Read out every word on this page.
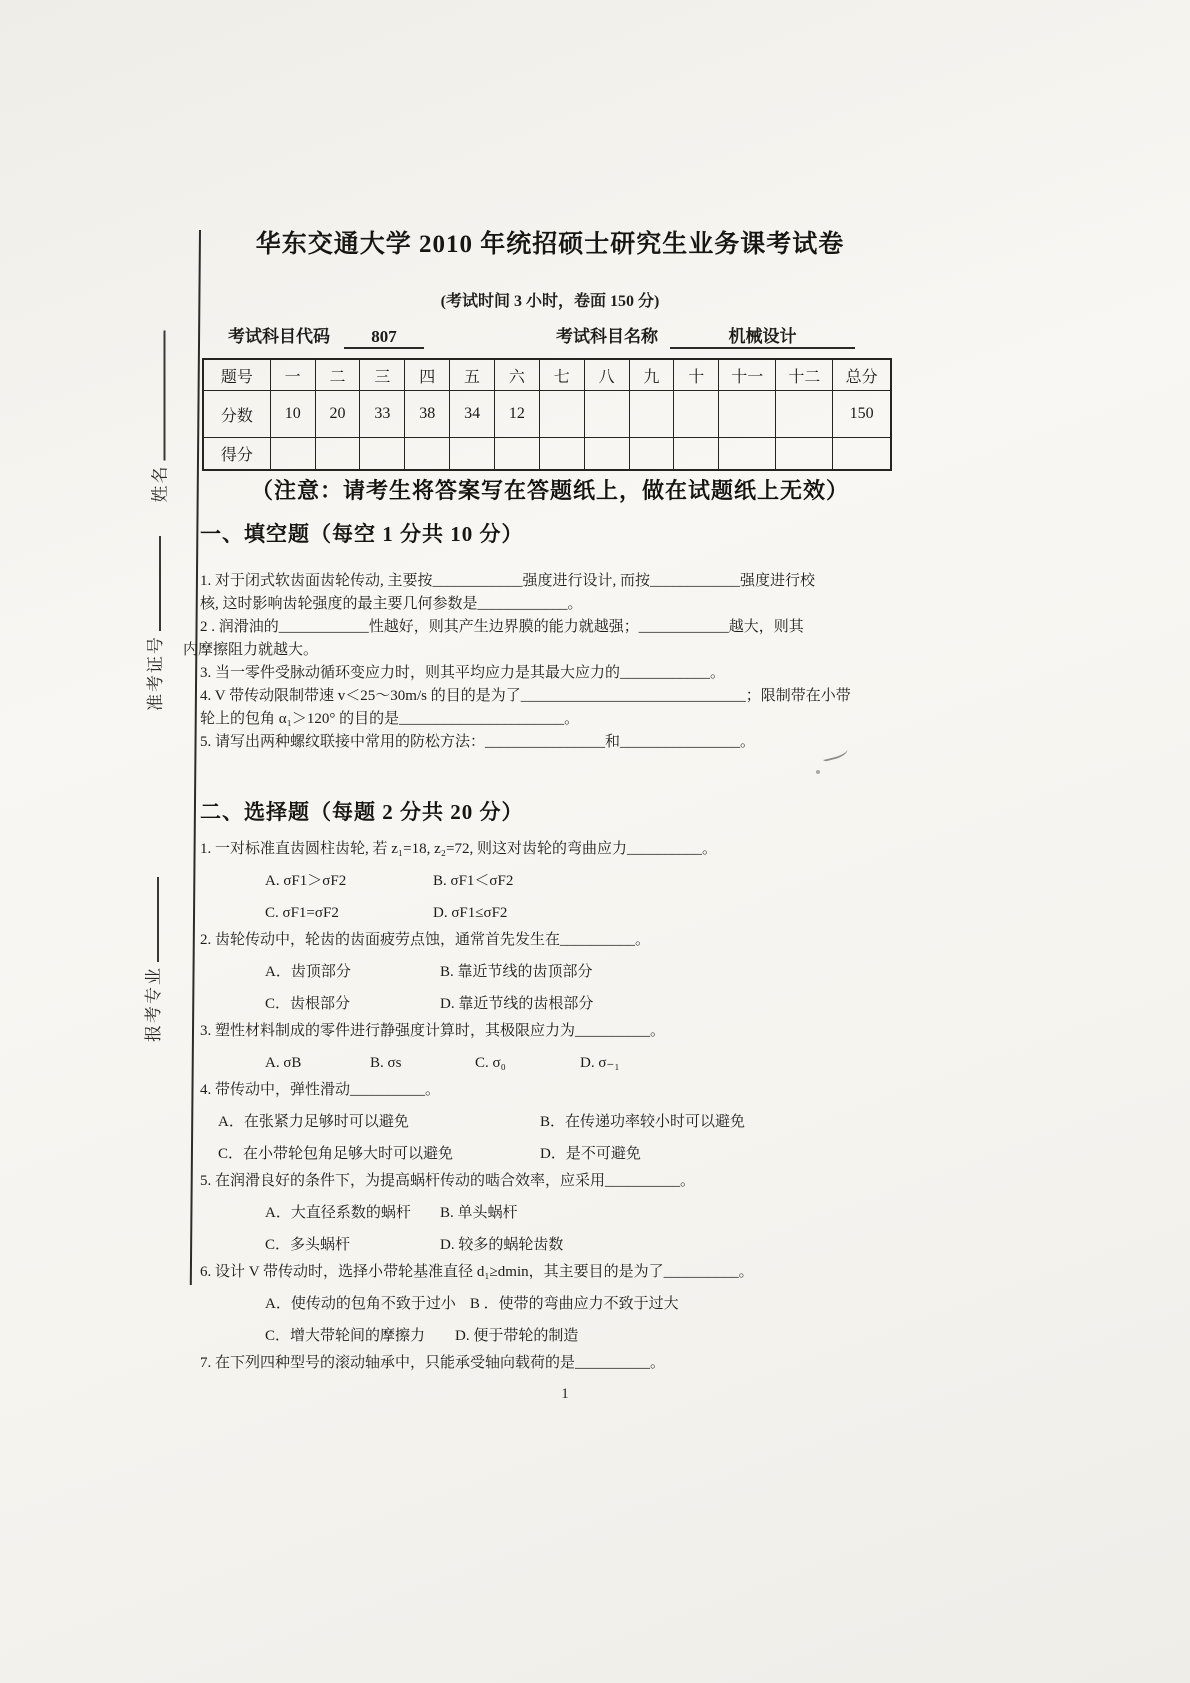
姓名
准考证号
报考专业
华东交通大学 2010 年统招硕士研究生业务课考试卷
(考试时间 3 小时，卷面 150 分)
考试科目代码 807	考试科目名称	机械设计
题号	一	二	三	四	五	六	七	八	九	十	十一	十二	总分
分数	10	20	33	38	34	12							150
得分													
（注意：请考生将答案写在答题纸上，做在试题纸上无效）
一、填空题（每空 1 分共 10 分）
1. 对于闭式软齿面齿轮传动, 主要按____________强度进行设计, 而按____________强度进行校
核, 这时影响齿轮强度的最主要几何参数是____________。
2 . 润滑油的____________性越好，则其产生边界膜的能力就越强；____________越大，则其
内摩擦阻力就越大。
3. 当一零件受脉动循环变应力时，则其平均应力是其最大应力的____________。
4. V 带传动限制带速 v＜25～30m/s 的目的是为了______________________________；限制带在小带
轮上的包角 α₁＞120° 的目的是______________________。
5. 请写出两种螺纹联接中常用的防松方法：________________和________________。
二、选择题（每题 2 分共 20 分）
1. 一对标准直齿圆柱齿轮, 若 z₁=18, z₂=72, 则这对齿轮的弯曲应力__________。
A. σF1＞σF2	B. σF1＜σF2
C. σF1=σF2	D. σF1≤σF2
2. 齿轮传动中，轮齿的齿面疲劳点蚀，通常首先发生在__________。
A．齿顶部分	B. 靠近节线的齿顶部分
C．齿根部分	D. 靠近节线的齿根部分
3. 塑性材料制成的零件进行静强度计算时，其极限应力为__________。
A. σB	B. σs	C. σ₀	D. σ₋₁
4. 带传动中，弹性滑动__________。
A．在张紧力足够时可以避免	B．在传递功率较小时可以避免
C．在小带轮包角足够大时可以避免	D．是不可避免
5. 在润滑良好的条件下，为提高蜗杆传动的啮合效率，应采用__________。
A．大直径系数的蜗杆 B. 单头蜗杆
C．多头蜗杆	D. 较多的蜗轮齿数
6. 设计 V 带传动时，选择小带轮基准直径 d₁≥dmin，其主要目的是为了__________。
A．使传动的包角不致于过小 B ．使带的弯曲应力不致于过大
C．增大带轮间的摩擦力 D. 便于带轮的制造
7. 在下列四种型号的滚动轴承中，只能承受轴向载荷的是__________。
1
